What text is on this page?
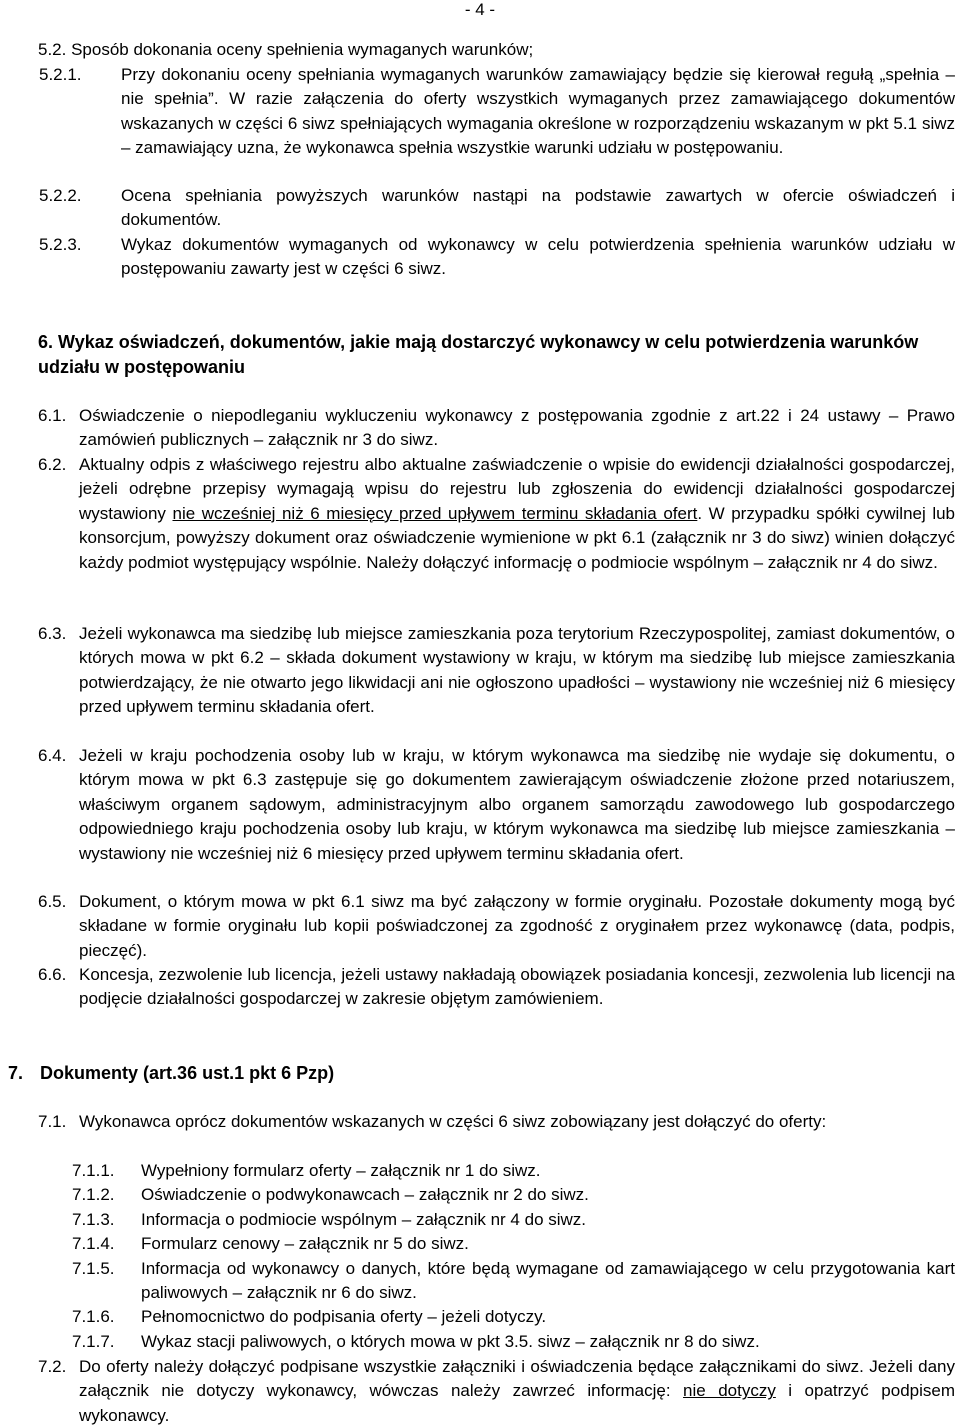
- 4 -
5.2. Sposób dokonania oceny spełnienia wymaganych warunków;
5.2.1. Przy dokonaniu oceny spełniania wymaganych warunków zamawiający będzie się kierował regułą „spełnia – nie spełnia”. W razie załączenia do oferty wszystkich wymaganych przez zamawiającego dokumentów wskazanych w części 6 siwz spełniających wymagania określone w rozporządzeniu wskazanym w pkt 5.1 siwz – zamawiający uzna, że wykonawca spełnia wszystkie warunki udziału w postępowaniu.
5.2.2. Ocena spełniania powyższych warunków nastąpi na podstawie zawartych w ofercie oświadczeń i dokumentów.
5.2.3. Wykaz dokumentów wymaganych od wykonawcy w celu potwierdzenia spełnienia warunków udziału w postępowaniu zawarty jest w części 6 siwz.
6. Wykaz oświadczeń, dokumentów, jakie mają dostarczyć wykonawcy w celu potwierdzenia warunków udziału w postępowaniu
6.1. Oświadczenie o niepodleganiu wykluczeniu wykonawcy z postępowania zgodnie z art.22 i 24 ustawy – Prawo zamówień publicznych – załącznik nr 3 do siwz.
6.2. Aktualny odpis z właściwego rejestru albo aktualne zaświadczenie o wpisie do ewidencji działalności gospodarczej, jeżeli odrębne przepisy wymagają wpisu do rejestru lub zgłoszenia do ewidencji działalności gospodarczej wystawiony nie wcześniej niż 6 miesięcy przed upływem terminu składania ofert. W przypadku spółki cywilnej lub konsorcjum, powyższy dokument oraz oświadczenie wymienione w pkt 6.1 (załącznik nr 3 do siwz) winien dołączyć każdy podmiot występujący wspólnie. Należy dołączyć informację o podmiocie wspólnym – załącznik nr 4 do siwz.
6.3. Jeżeli wykonawca ma siedzibę lub miejsce zamieszkania poza terytorium Rzeczypospolitej, zamiast dokumentów, o których mowa w pkt 6.2 – składa dokument wystawiony w kraju, w którym ma siedzibę lub miejsce zamieszkania potwierdzający, że nie otwarto jego likwidacji ani nie ogłoszono upadłości – wystawiony nie wcześniej niż 6 miesięcy przed upływem terminu składania ofert.
6.4. Jeżeli w kraju pochodzenia osoby lub w kraju, w którym wykonawca ma siedzibę nie wydaje się dokumentu, o którym mowa w pkt 6.3 zastępuje się go dokumentem zawierającym oświadczenie złożone przed notariuszem, właściwym organem sądowym, administracyjnym albo organem samorządu zawodowego lub gospodarczego odpowiedniego kraju pochodzenia osoby lub kraju, w którym wykonawca ma siedzibę lub miejsce zamieszkania – wystawiony nie wcześniej niż 6 miesięcy przed upływem terminu składania ofert.
6.5. Dokument, o którym mowa w pkt 6.1 siwz ma być załączony w formie oryginału. Pozostałe dokumenty mogą być składane w formie oryginału lub kopii poświadczonej za zgodność z oryginałem przez wykonawcę (data, podpis, pieczęć).
6.6. Koncesja, zezwolenie lub licencja, jeżeli ustawy nakładają obowiązek posiadania koncesji, zezwolenia lub licencji na podjęcie działalności gospodarczej w zakresie objętym zamówieniem.
7. Dokumenty (art.36 ust.1 pkt 6 Pzp)
7.1. Wykonawca oprócz dokumentów wskazanych w części 6 siwz zobowiązany jest dołączyć do oferty:
7.1.1. Wypełniony formularz oferty – załącznik nr 1 do siwz.
7.1.2. Oświadczenie o podwykonawcach – załącznik nr 2 do siwz.
7.1.3. Informacja o podmiocie wspólnym – załącznik nr 4 do siwz.
7.1.4. Formularz cenowy – załącznik nr 5 do siwz.
7.1.5. Informacja od wykonawcy o danych, które będą wymagane od zamawiającego w celu przygotowania kart paliwowych – załącznik nr 6 do siwz.
7.1.6. Pełnomocnictwo do podpisania oferty – jeżeli dotyczy.
7.1.7. Wykaz stacji paliwowych, o których mowa w pkt 3.5. siwz – załącznik nr 8 do siwz.
7.2. Do oferty należy dołączyć podpisane wszystkie załączniki i oświadczenia będące załącznikami do siwz. Jeżeli dany załącznik nie dotyczy wykonawcy, wówczas należy zawrzeć informację: nie dotyczy i opatrzyć podpisem wykonawcy.
